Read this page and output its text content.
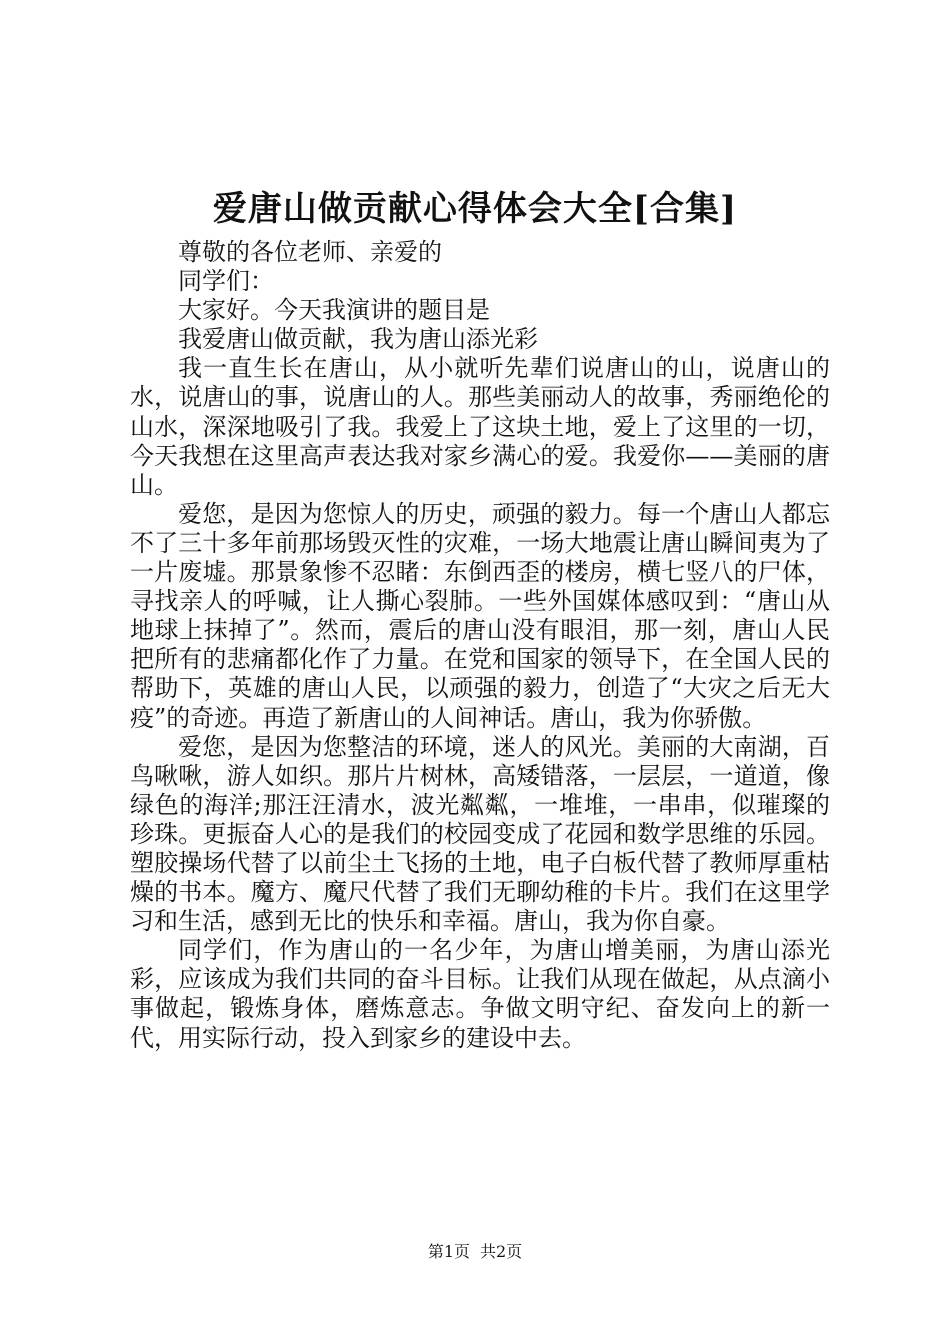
爱唐山做贡献心得体会大全[合集]

尊敬的各位老师、亲爱的

同学们：

大家好。今天我演讲的题目是

我爱唐山做贡献，我为唐山添光彩

我一直生长在唐山，从小就听先辈们说唐山的山，说唐山的水，说唐山的事，说唐山的人。那些美丽动人的故事，秀丽绝伦的山水，深深地吸引了我。我爱上了这块土地，爱上了这里的一切，今天我想在这里高声表达我对家乡满心的爱。我爱你——美丽的唐山。

爱您，是因为您惊人的历史，顽强的毅力。每一个唐山人都忘不了三十多年前那场毁灭性的灾难，一场大地震让唐山瞬间夷为了一片废墟。那景象惨不忍睹：东倒西歪的楼房，横七竖八的尸体，寻找亲人的呼喊，让人撕心裂肺。一些外国媒体感叹到：“唐山从地球上抹掉了”。然而，震后的唐山没有眼泪，那一刻，唐山人民把所有的悲痛都化作了力量。在党和国家的领导下，在全国人民的帮助下，英雄的唐山人民，以顽强的毅力，创造了“大灾之后无大疫”的奇迹。再造了新唐山的人间神话。唐山，我为你骄傲。

爱您，是因为您整洁的环境，迷人的风光。美丽的大南湖，百鸟啾啾，游人如织。那片片树林，高矮错落，一层层，一道道，像绿色的海洋;那汪汪清水，波光粼粼，一堆堆，一串串，似璀璨的珍珠。更振奋人心的是我们的校园变成了花园和数学思维的乐园。塑胶操场代替了以前尘土飞扬的土地，电子白板代替了教师厚重枯燥的书本。魔方、魔尺代替了我们无聊幼稚的卡片。我们在这里学习和生活，感到无比的快乐和幸福。唐山，我为你自豪。

同学们，作为唐山的一名少年，为唐山增美丽，为唐山添光彩，应该成为我们共同的奋斗目标。让我们从现在做起，从点滴小事做起，锻炼身体，磨炼意志。争做文明守纪、奋发向上的新一代，用实际行动，投入到家乡的建设中去。

第1页 共2页
